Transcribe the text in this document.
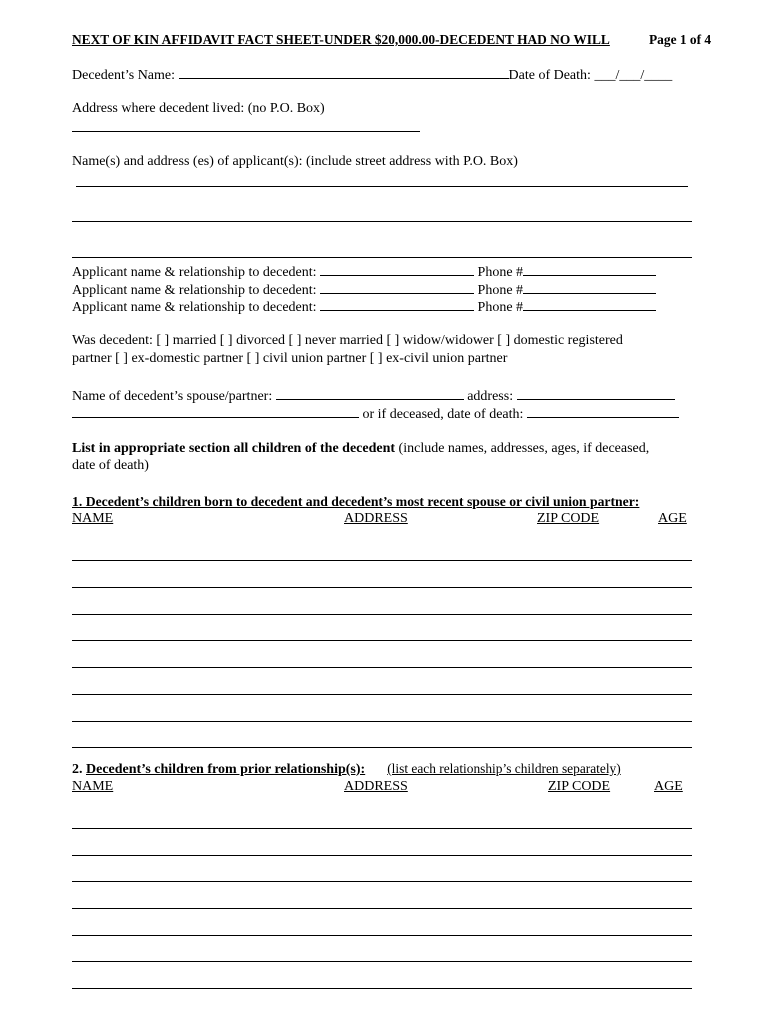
NEXT OF KIN AFFIDAVIT FACT SHEET-UNDER $20,000.00-DECEDENT HAD NO WILL	Page 1 of 4
Decedent’s Name:	Date of Death: ___/___/____
Address where decedent lived: (no P.O. Box)
Name(s) and address (es) of applicant(s): (include street address with P.O. Box)
Applicant name & relationship to decedent:	Phone #
Applicant name & relationship to decedent:	Phone #
Applicant name & relationship to decedent:	Phone #
Was decedent: [ ] married [ ] divorced [ ] never married [ ] widow/widower [ ] domestic registered
partner [ ] ex-domestic partner [ ] civil union partner [ ] ex-civil union partner
Name of decedent’s spouse/partner:	address:
or if deceased, date of death:
List in appropriate section all children of the decedent (include names, addresses, ages, if deceased,
date of death)
1. Decedent’s children born to decedent and decedent’s most recent spouse or civil union partner:
NAME	ADDRESS	ZIP CODE	AGE
2. Decedent’s children from prior relationship(s): (list each relationship’s children separately)
NAME	ADDRESS	ZIP CODE	AGE
